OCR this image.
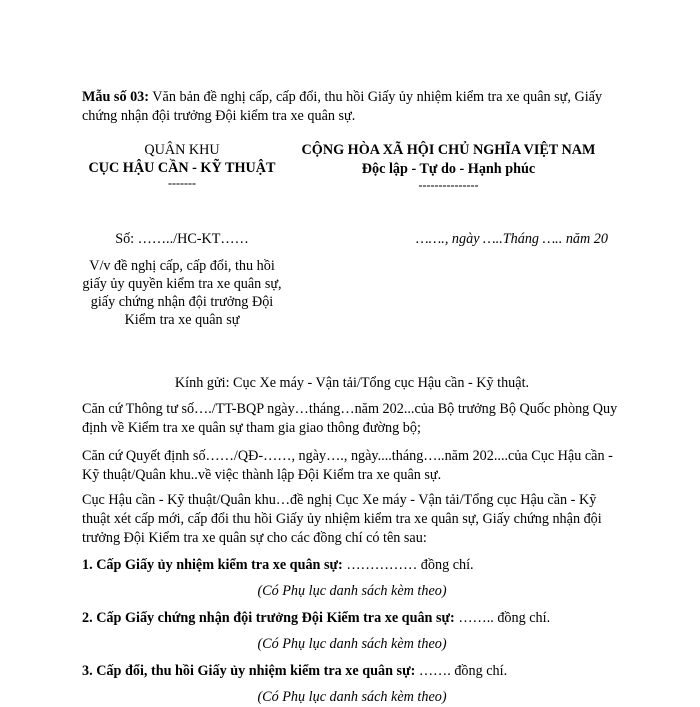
Mẫu số 03: Văn bản đề nghị cấp, cấp đổi, thu hồi Giấy ủy nhiệm kiểm tra xe quân sự, Giấy chứng nhận đội trưởng Đội kiểm tra xe quân sự.
QUÂN KHU
CỤC HẬU CẦN - KỸ THUẬT
-------
CỘNG HÒA XÃ HỘI CHỦ NGHĨA VIỆT NAM
Độc lập - Tự do - Hạnh phúc
---------------
Số: ……../HC-KT……	……., ngày …..Tháng ….. năm 20
V/v đề nghị cấp, cấp đổi, thu hồi giấy ủy quyền kiểm tra xe quân sự, giấy chứng nhận đội trưởng Đội Kiểm tra xe quân sự
Kính gửi: Cục Xe máy - Vận tải/Tổng cục Hậu cần - Kỹ thuật.
Căn cứ Thông tư số…./TT-BQP ngày…tháng…năm 202...của Bộ trưởng Bộ Quốc phòng Quy định về Kiểm tra xe quân sự tham gia giao thông đường bộ;
Căn cứ Quyết định số……/QĐ-……, ngày…., ngày....tháng…..năm 202....của Cục Hậu cần - Kỹ thuật/Quân khu..về việc thành lập Đội Kiểm tra xe quân sự.
Cục Hậu cần - Kỹ thuật/Quân khu…đề nghị Cục Xe máy - Vận tải/Tổng cục Hậu cần - Kỹ thuật xét cấp mới, cấp đổi thu hồi Giấy ủy nhiệm kiểm tra xe quân sự, Giấy chứng nhận đội trưởng Đội Kiểm tra xe quân sự cho các đồng chí có tên sau:
1. Cấp Giấy ủy nhiệm kiểm tra xe quân sự: …………… đồng chí.
(Có Phụ lục danh sách kèm theo)
2. Cấp Giấy chứng nhận đội trưởng Đội Kiểm tra xe quân sự: …….. đồng chí.
(Có Phụ lục danh sách kèm theo)
3. Cấp đổi, thu hồi Giấy ủy nhiệm kiểm tra xe quân sự: ……. đồng chí.
(Có Phụ lục danh sách kèm theo)
